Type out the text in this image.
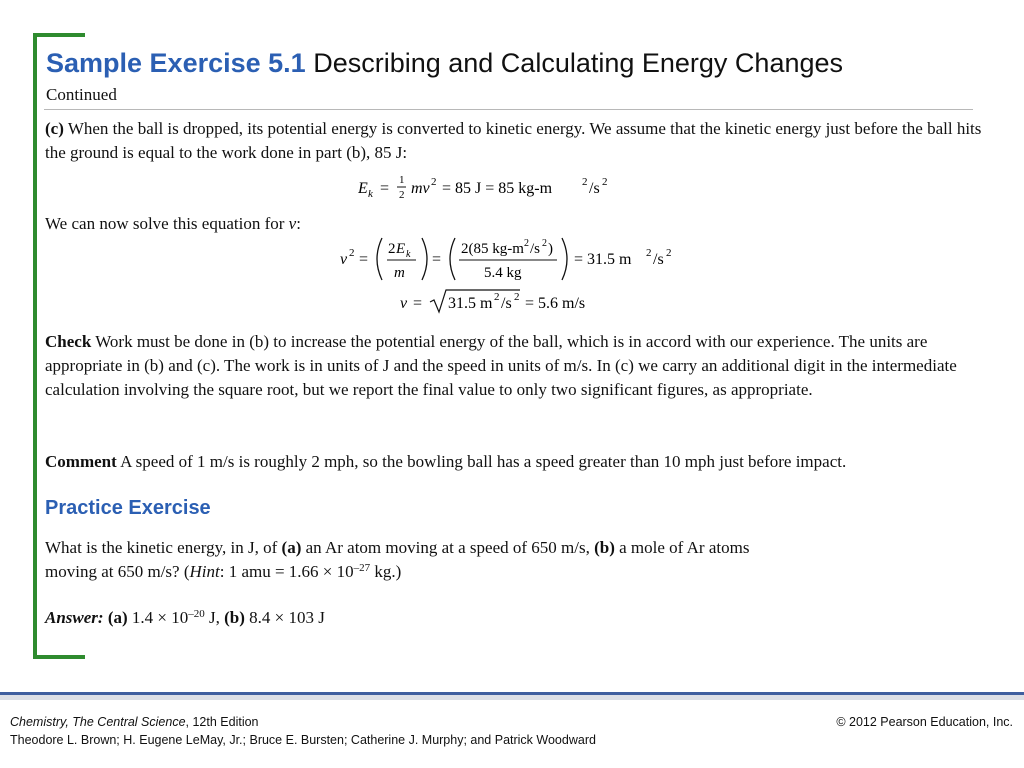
Sample Exercise 5.1 Describing and Calculating Energy Changes
Continued
(c) When the ball is dropped, its potential energy is converted to kinetic energy. We assume that the kinetic energy just before the ball hits the ground is equal to the work done in part (b), 85 J:
E k = 1
2 mv 2 = 85 J = 85 kg-m	2 /s 2
We can now solve this equation for v:
v 2 =
2 E k
m
=
2(85 kg-m 2 /s 2 )
5.4 kg
= 31.5 m 2 /s 2
v = 31.5 m 2 /s 2 = 5.6 m/s
Check Work must be done in (b) to increase the potential energy of the ball, which is in accord with our experience. The units are appropriate in (b) and (c). The work is in units of J and the speed in units of m/s. In (c) we carry an additional digit in the intermediate calculation involving the square root, but we report the final value to only two significant figures, as appropriate.
Comment A speed of 1 m/s is roughly 2 mph, so the bowling ball has a speed greater than 10 mph just before impact.
Practice Exercise
What is the kinetic energy, in J, of (a) an Ar atom moving at a speed of 650 m/s, (b) a mole of Ar atoms
moving at 650 m/s? (Hint: 1 amu = $1.66 \times 10^{-27}$ kg.)
Answer: (a) $1.4 \times 10^{-20}$ J, (b) 8.4 × 103 J
Chemistry, The Central Science, 12th Edition
Theodore L. Brown; H. Eugene LeMay, Jr.; Bruce E. Bursten; Catherine J. Murphy; and Patrick Woodward
© 2012 Pearson Education, Inc.
